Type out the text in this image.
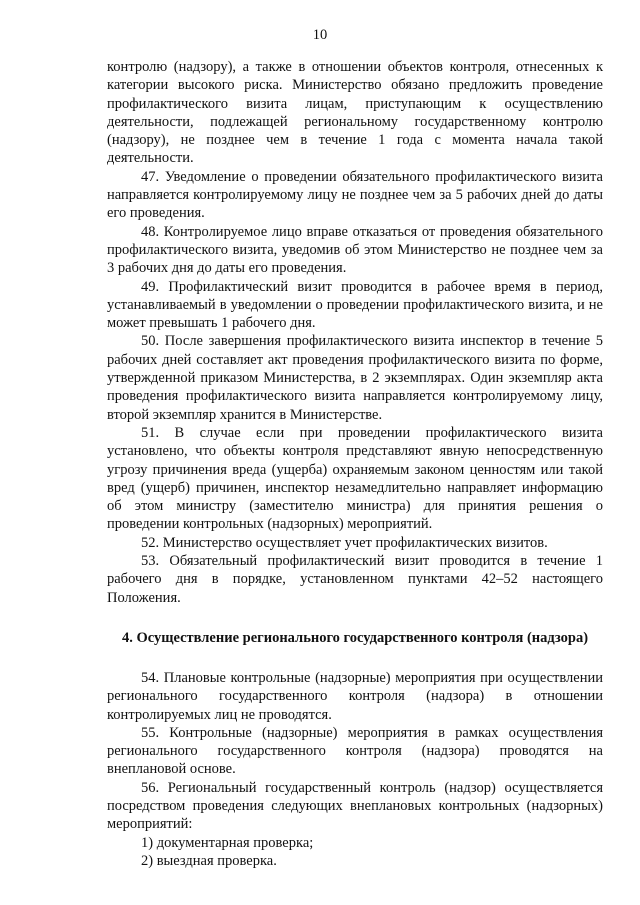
10

контролю (надзору), а также в отношении объектов контроля, отнесенных к категории высокого риска. Министерство обязано предложить проведение профилактического визита лицам, приступающим к осуществлению деятельности, подлежащей региональному государственному контролю (надзору), не позднее чем в течение 1 года с момента начала такой деятельности.

47. Уведомление о проведении обязательного профилактического визита направляется контролируемому лицу не позднее чем за 5 рабочих дней до даты его проведения.

48. Контролируемое лицо вправе отказаться от проведения обязательного профилактического визита, уведомив об этом Министерство не позднее чем за 3 рабочих дня до даты его проведения.

49. Профилактический визит проводится в рабочее время в период, устанавливаемый в уведомлении о проведении профилактического визита, и не может превышать 1 рабочего дня.

50. После завершения профилактического визита инспектор в течение 5 рабочих дней составляет акт проведения профилактического визита по форме, утвержденной приказом Министерства, в 2 экземплярах. Один экземпляр акта проведения профилактического визита направляется контролируемому лицу, второй экземпляр хранится в Министерстве.

51. В случае если при проведении профилактического визита установлено, что объекты контроля представляют явную непосредственную угрозу причинения вреда (ущерба) охраняемым законом ценностям или такой вред (ущерб) причинен, инспектор незамедлительно направляет информацию об этом министру (заместителю министра) для принятия решения о проведении контрольных (надзорных) мероприятий.

52. Министерство осуществляет учет профилактических визитов.

53. Обязательный профилактический визит проводится в течение 1 рабочего дня в порядке, установленном пунктами 42–52 настоящего Положения.

4. Осуществление регионального государственного контроля (надзора)

54. Плановые контрольные (надзорные) мероприятия при осуществлении регионального государственного контроля (надзора) в отношении контролируемых лиц не проводятся.

55. Контрольные (надзорные) мероприятия в рамках осуществления регионального государственного контроля (надзора) проводятся на внеплановой основе.

56. Региональный государственный контроль (надзор) осуществляется посредством проведения следующих внеплановых контрольных (надзорных) мероприятий:

1) документарная проверка;

2) выездная проверка.
